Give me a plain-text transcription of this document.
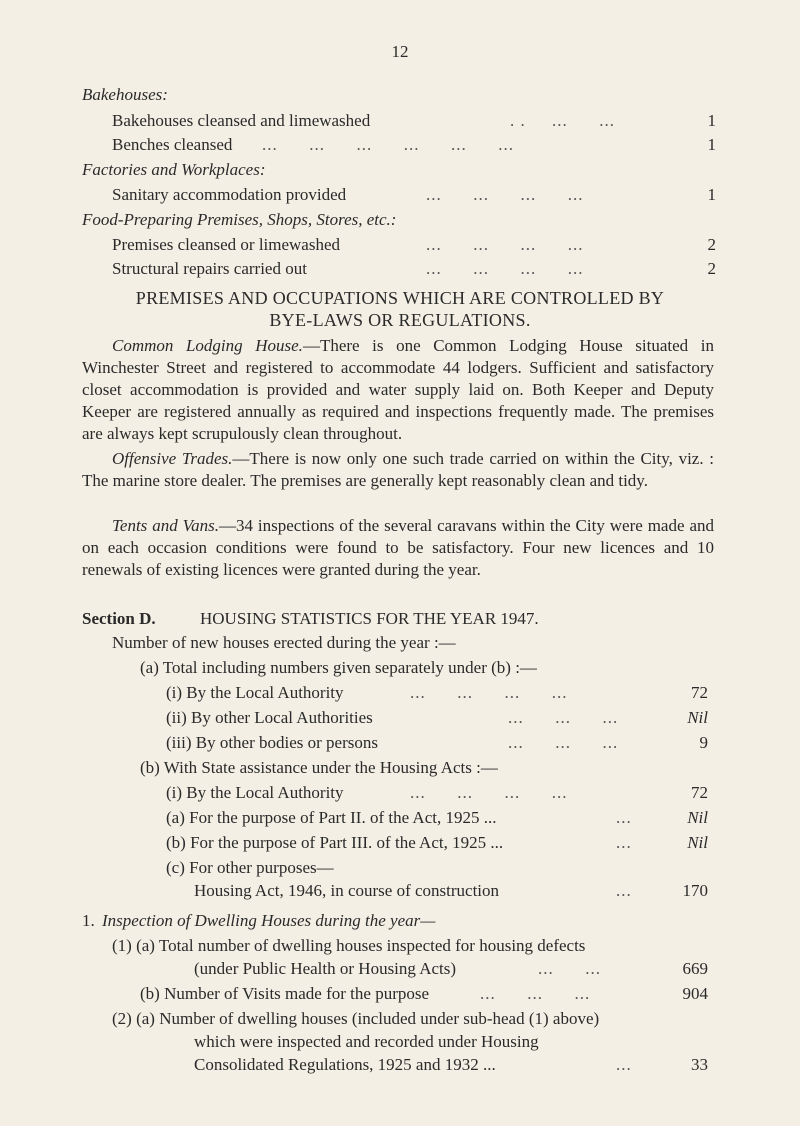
12
Bakehouses:
Bakehouses cleansed and limewashed	. .     ...      ...	1
Benches cleansed ...      ...      ...      ...      ...      ...	1
Factories and Workplaces:
Sanitary accommodation provided	...      ...      ...      ...	1
Food-Preparing Premises, Shops, Stores, etc.:
Premises cleansed or limewashed	...      ...      ...      ...	2
Structural repairs carried out	...      ...      ...      ...	2
PREMISES AND OCCUPATIONS WHICH ARE CONTROLLED BY
BYE-LAWS OR REGULATIONS.
Common Lodging House.—There is one Common Lodging House situated in Winchester Street and registered to accommodate 44 lodgers. Sufficient and satisfactory closet accommodation is provided and water supply laid on. Both Keeper and Deputy Keeper are registered annually as required and inspections frequently made. The premises are always kept scrupulously clean throughout.
Offensive Trades.—There is now only one such trade carried on within the City, viz. : The marine store dealer. The premises are generally kept reasonably clean and tidy.
Tents and Vans.—34 inspections of the several caravans within the City were made and on each occasion conditions were found to be satisfactory. Four new licences and 10 renewals of existing licences were granted during the year.
Section D.	HOUSING STATISTICS FOR THE YEAR 1947.
Number of new houses erected during the year :—
(a) Total including numbers given separately under (b) :—
(i) By the Local Authority	...      ...      ...      ...	72
(ii) By other Local Authorities	...      ...      ...	Nil
(iii) By other bodies or persons	...      ...      ...	9
(b) With State assistance under the Housing Acts :—
(i) By the Local Authority	...      ...      ...      ...	72
(a) For the purpose of Part II. of the Act, 1925 ...	...	Nil
(b) For the purpose of Part III. of the Act, 1925 ...	...	Nil
(c) For other purposes—
Housing Act, 1946, in course of construction	...	170
1. Inspection of Dwelling Houses during the year—
(1) (a) Total number of dwelling houses inspected for housing defects
(under Public Health or Housing Acts)	...      ...	669
(b) Number of Visits made for the purpose	...      ...      ...	904
(2) (a) Number of dwelling houses (included under sub-head (1) above)
which were inspected and recorded under Housing
Consolidated Regulations, 1925 and 1932 ...	...	33
